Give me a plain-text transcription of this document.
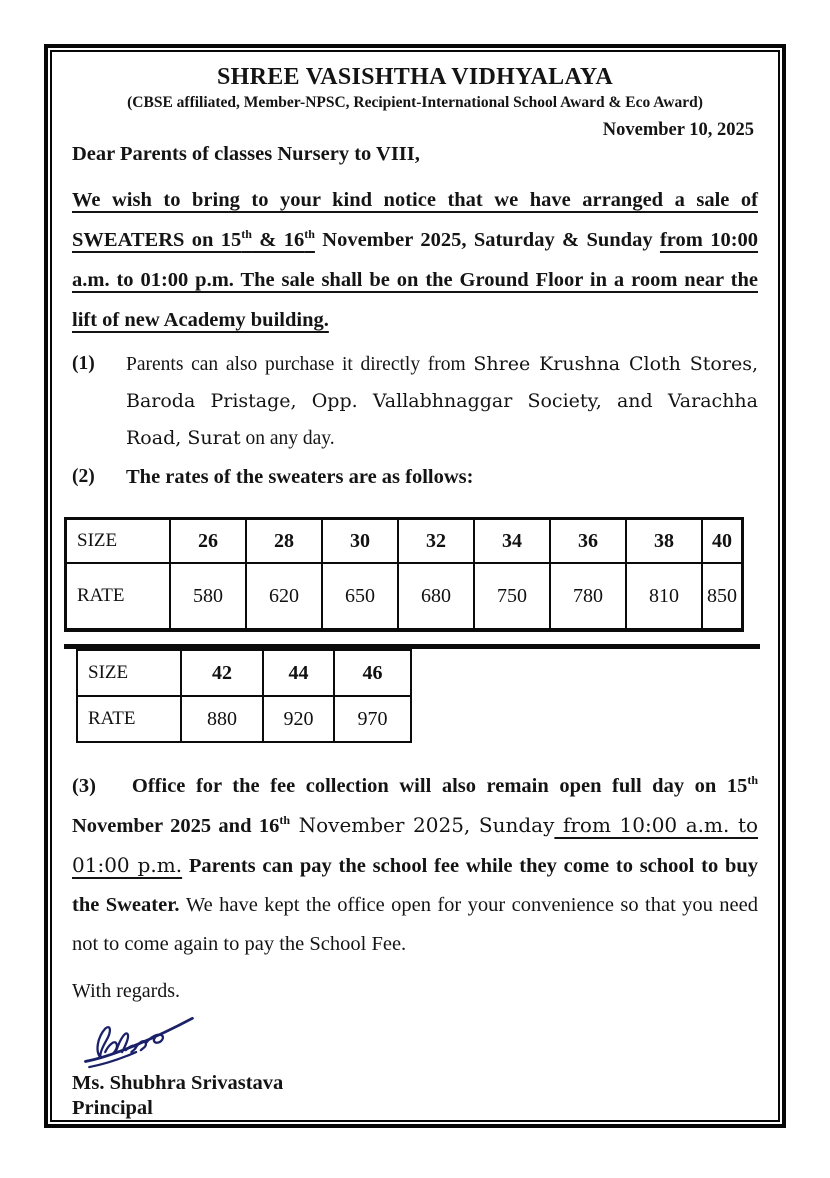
SHREE VASISHTHA VIDHYALAYA
(CBSE affiliated, Member-NPSC, Recipient-International School Award & Eco Award)
November 10, 2025
Dear Parents of classes Nursery to VIII,

We wish to bring to your kind notice that we have arranged a sale of SWEATERS on 15th & 16th November 2025, Saturday & Sunday from 10:00 a.m. to 01:00 p.m. The sale shall be on the Ground Floor in a room near the lift of new Academy building.

(1)	Parents can also purchase it directly from Shree Krushna Cloth Stores, Baroda Pristage, Opp. Vallabhnaggar Society, and Varachha Road, Surat on any day.
(2)	The rates of the sweaters are as follows:
SIZE	26	28	30	32	34	36	38	40
RATE	580	620	650	680	750	780	810	850
SIZE	42	44	46
RATE	880	920	970

(3) Office for the fee collection will also remain open full day on 15th November 2025 and 16th November 2025, Sunday from 10:00 a.m. to 01:00 p.m. Parents can pay the school fee while they come to school to buy the Sweater. We have kept the office open for your convenience so that you need not to come again to pay the School Fee.

With regards.
Ms. Shubhra Srivastava
Principal
